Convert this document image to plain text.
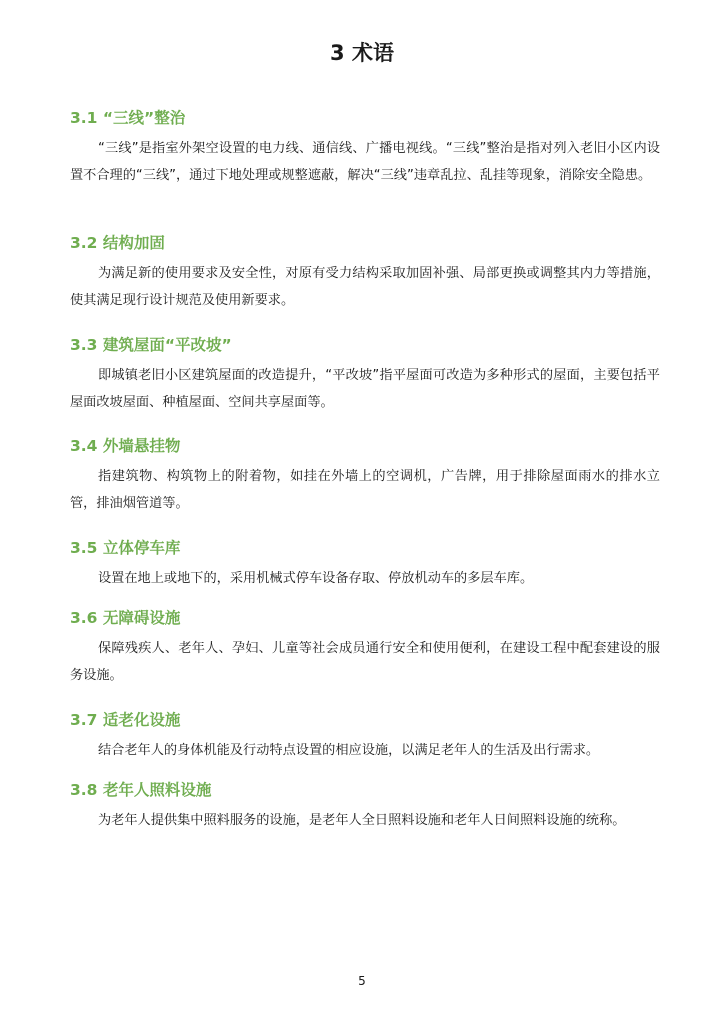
3 术语
3.1 “三线”整治

“三线”是指室外架空设置的电力线、通信线、广播电视线。“三线”整治是指对列入老旧小区内设置不合理的“三线”，通过下地处理或规整遮蔽，解决“三线”违章乱拉、乱挂等现象，消除安全隐患。

3.2 结构加固

为满足新的使用要求及安全性，对原有受力结构采取加固补强、局部更换或调整其内力等措施，使其满足现行设计规范及使用新要求。

3.3 建筑屋面“平改坡”

即城镇老旧小区建筑屋面的改造提升，“平改坡”指平屋面可改造为多种形式的屋面，主要包括平屋面改坡屋面、种植屋面、空间共享屋面等。

3.4 外墙悬挂物

指建筑物、构筑物上的附着物，如挂在外墙上的空调机，广告牌，用于排除屋面雨水的排水立管，排油烟管道等。

3.5 立体停车库

设置在地上或地下的，采用机械式停车设备存取、停放机动车的多层车库。

3.6 无障碍设施

保障残疾人、老年人、孕妇、儿童等社会成员通行安全和使用便利，在建设工程中配套建设的服务设施。

3.7 适老化设施

结合老年人的身体机能及行动特点设置的相应设施，以满足老年人的生活及出行需求。

3.8 老年人照料设施

为老年人提供集中照料服务的设施，是老年人全日照料设施和老年人日间照料设施的统称。

5
